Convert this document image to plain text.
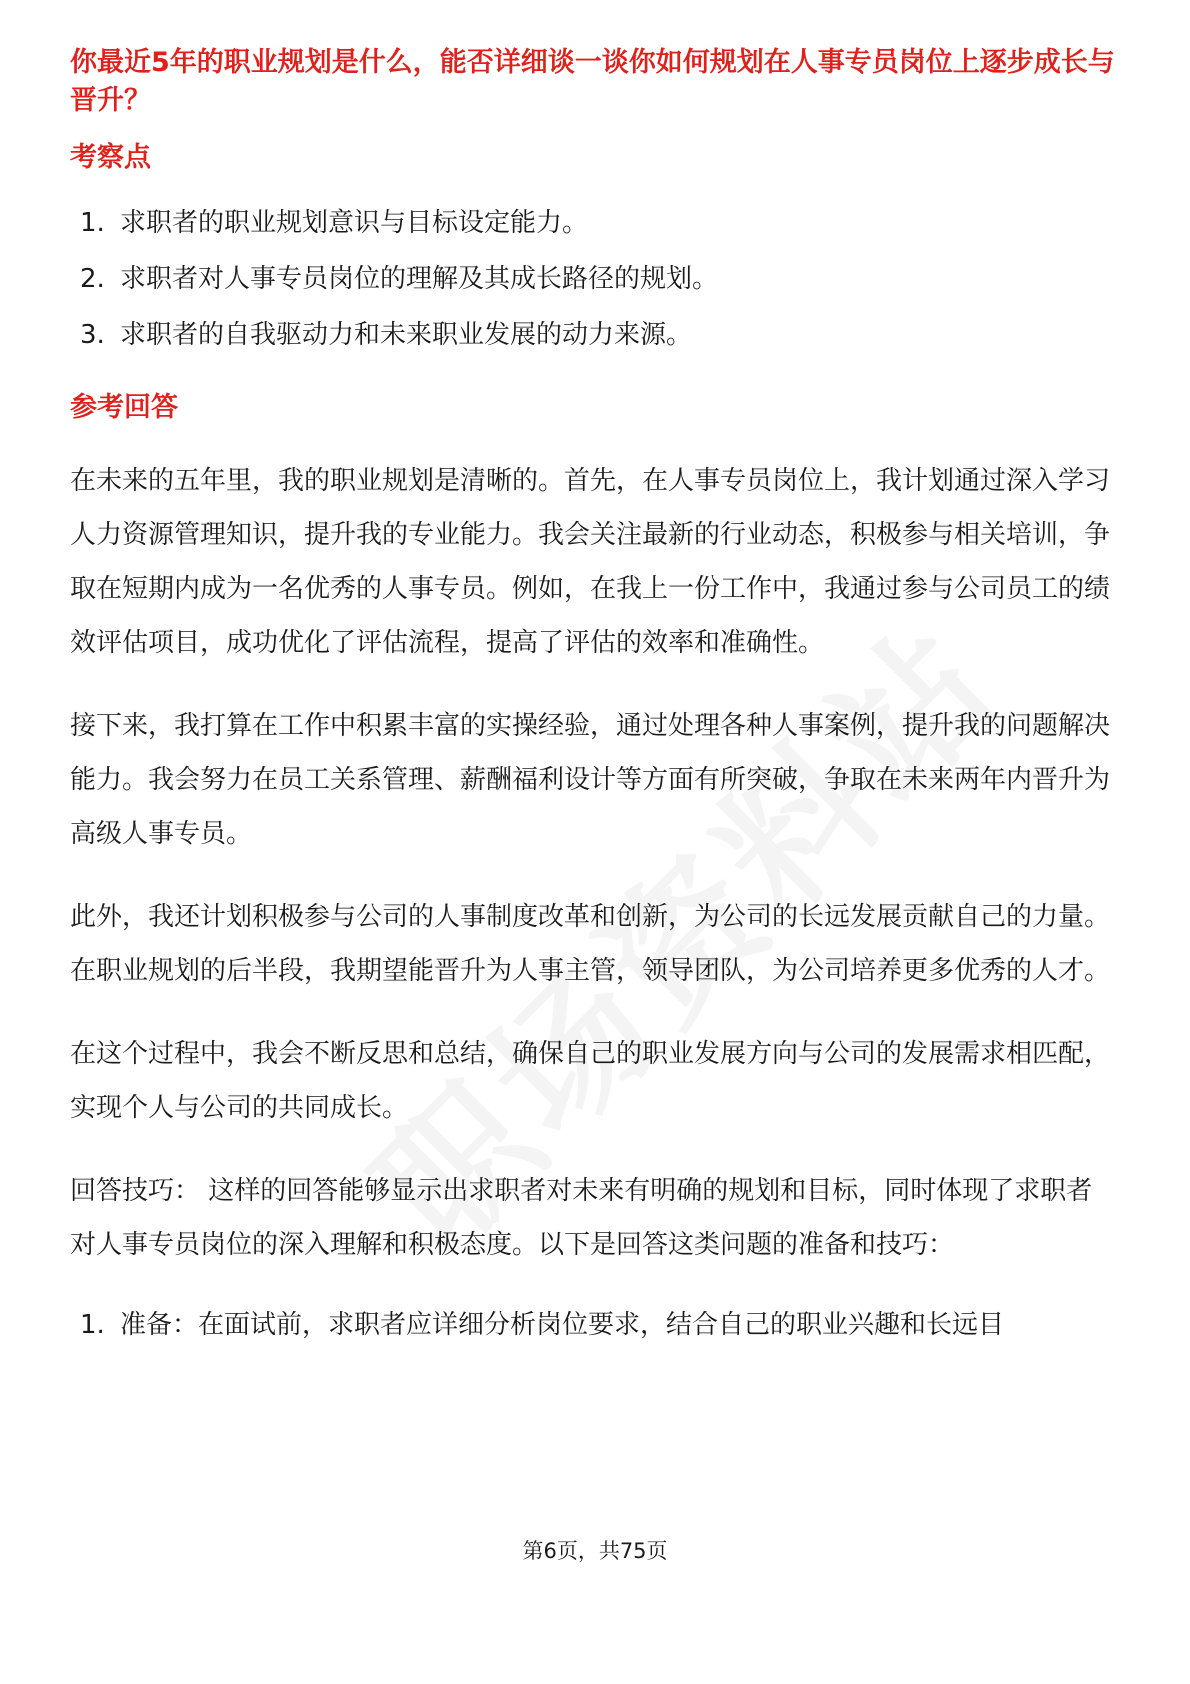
你最近5年的职业规划是什么，能否详细谈一谈你如何规划在人事专员岗位上逐步成长与晋升？

考察点

1. 求职者的职业规划意识与目标设定能力。
2. 求职者对人事专员岗位的理解及其成长路径的规划。
3. 求职者的自我驱动力和未来职业发展的动力来源。

参考回答

在未来的五年里，我的职业规划是清晰的。首先，在人事专员岗位上，我计划通过深入学习人力资源管理知识，提升我的专业能力。我会关注最新的行业动态，积极参与相关培训，争取在短期内成为一名优秀的人事专员。例如，在我上一份工作中，我通过参与公司员工的绩效评估项目，成功优化了评估流程，提高了评估的效率和准确性。

接下来，我打算在工作中积累丰富的实操经验，通过处理各种人事案例，提升我的问题解决能力。我会努力在员工关系管理、薪酬福利设计等方面有所突破，争取在未来两年内晋升为高级人事专员。

此外，我还计划积极参与公司的人事制度改革和创新，为公司的长远发展贡献自己的力量。在职业规划的后半段，我期望能晋升为人事主管，领导团队，为公司培养更多优秀的人才。

在这个过程中，我会不断反思和总结，确保自己的职业发展方向与公司的发展需求相匹配，实现个人与公司的共同成长。

回答技巧： 这样的回答能够显示出求职者对未来有明确的规划和目标，同时体现了求职者对人事专员岗位的深入理解和积极态度。以下是回答这类问题的准备和技巧：

1. 准备：在面试前，求职者应详细分析岗位要求，结合自己的职业兴趣和长远目
第6页，共75页
